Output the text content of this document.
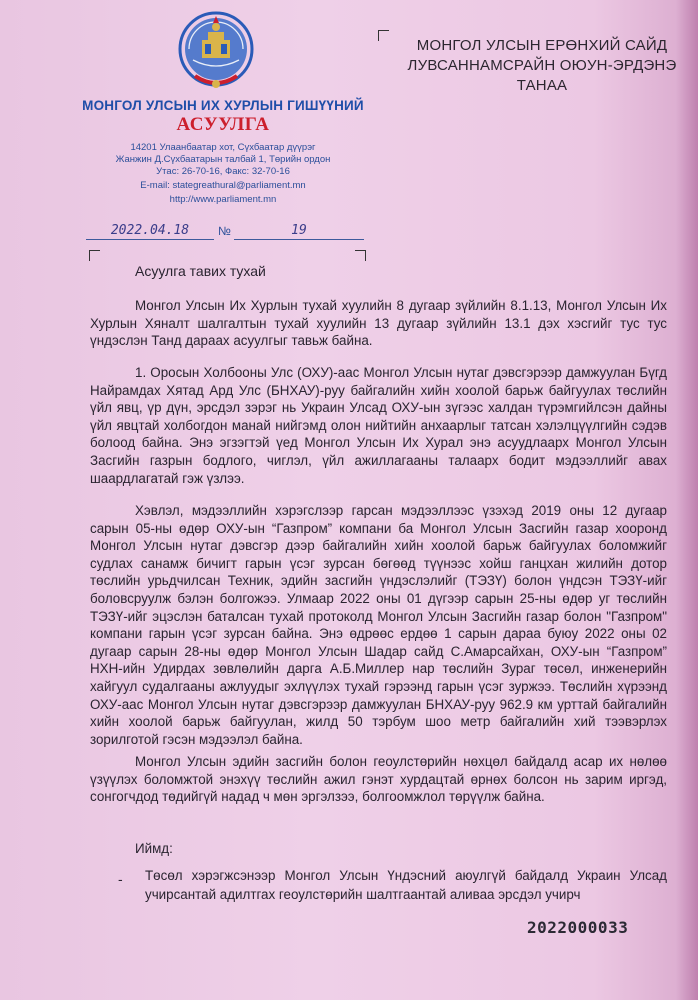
МОНГОЛ УЛСЫН ИХ ХУРЛЫН ГИШҮҮНИЙ
АСУУЛГА
14201 Улаанбаатар хот, Сүхбаатар дүүрэг
Жанжин Д.Сүхбаатарын талбай 1, Төрийн ордон
Утас: 26-70-16, Факс: 32-70-16
E-mail: stategreathural@parliament.mn
http://www.parliament.mn
2022.04.18	№	19
МОНГОЛ УЛСЫН ЕРӨНХИЙ САЙД
ЛУВСАННАМСРАЙН ОЮУН-ЭРДЭНЭ
ТАНАА
Асуулга тавих тухай
Монгол Улсын Их Хурлын тухай хуулийн 8 дугаар зүйлийн 8.1.13, Монгол Улсын Их Хурлын Хяналт шалгалтын тухай хуулийн 13 дугаар зүйлийн 13.1 дэх хэсгийг тус тус үндэслэн Танд дараах асуулгыг тавьж байна.
1. Оросын Холбооны Улс (ОХУ)-аас Монгол Улсын нутаг дэвсгэрээр дамжуулан Бүгд Найрамдах Хятад Ард Улс (БНХАУ)-руу байгалийн хийн хоолой барьж байгуулах төслийн үйл явц, үр дүн, эрсдэл зэрэг нь Украин Улсад ОХУ-ын зүгээс халдан түрэмгийлсэн дайны үйл явцтай холбогдон манай нийгэмд олон нийтийн анхаарлыг татсан хэлэлцүүлгийн сэдэв болоод байна. Энэ эгзэгтэй үед Монгол Улсын Их Хурал энэ асуудлаарх Монгол Улсын Засгийн газрын бодлого, чиглэл, үйл ажиллагааны талаарх бодит мэдээллийг авах шаардлагатай гэж үзлээ.
Хэвлэл, мэдээллийн хэрэгслээр гарсан мэдээллээс үзэхэд 2019 оны 12 дугаар сарын 05-ны өдөр ОХУ-ын “Газпром” компани ба Монгол Улсын Засгийн газар хооронд Монгол Улсын нутаг дэвсгэр дээр байгалийн хийн хоолой барьж байгуулах боломжийг судлах санамж бичигт гарын үсэг зурсан бөгөөд түүнээс хойш ганцхан жилийн дотор төслийн урьдчилсан Техник, эдийн засгийн үндэслэлийг (ТЭЗҮ) болон үндсэн ТЭЗҮ-ийг боловсруулж бэлэн болгожээ. Улмаар 2022 оны 01 дүгээр сарын 25-ны өдөр уг төслийн ТЭЗҮ-ийг эцэслэн баталсан тухай протоколд Монгол Улсын Засгийн газар болон "Газпром" компани гарын үсэг зурсан байна. Энэ өдрөөс ердөө 1 сарын дараа буюу 2022 оны 02 дугаар сарын 28-ны өдөр Монгол Улсын Шадар сайд С.Амарсайхан, ОХУ-ын “Газпром” НХН-ийн Удирдах зөвлөлийн дарга А.Б.Миллер нар төслийн Зураг төсөл, инженерийн хайгуул судалгааны ажлуудыг эхлүүлэх тухай гэрээнд гарын үсэг зуржээ. Төслийн хүрээнд ОХУ-аас Монгол Улсын нутаг дэвсгэрээр дамжуулан БНХАУ-руу 962.9 км урттай байгалийн хийн хоолой барьж байгуулан, жилд 50 тэрбум шоо метр байгалийн хий тээвэрлэх зорилготой гэсэн мэдээлэл байна.
Монгол Улсын эдийн засгийн болон геоулстөрийн нөхцөл байдалд асар их нөлөө үзүүлэх боломжтой энэхүү төслийн ажил гэнэт хурдацтай өрнөх болсон нь зарим иргэд, сонгогчдод төдийгүй надад ч мөн эргэлзээ, болгоомжлол төрүүлж байна.
Иймд:
- Төсөл хэрэгжсэнээр Монгол Улсын Үндэсний аюулгүй байдалд Украин Улсад учирсантай адилтгах геоулстөрийн шалтгаантай аливаа эрсдэл учирч
2022000033
